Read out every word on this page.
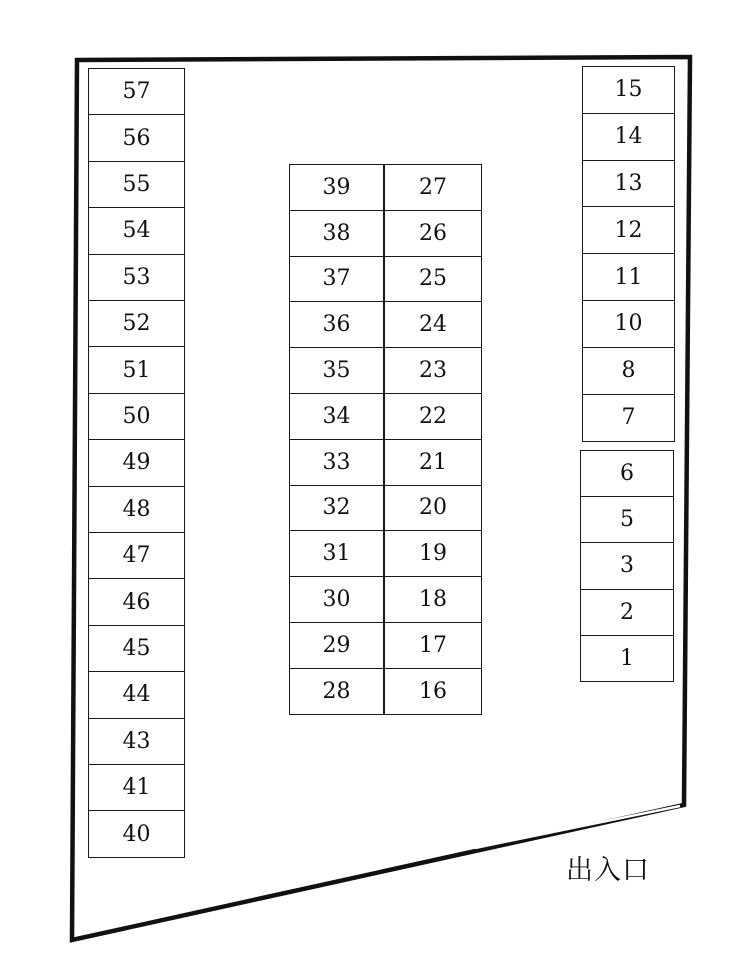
57
56
55
54
53
52
51
50
49
48
47
46
45
44
43
41
40
39
38
37
36
35
34
33
32
31
30
29
28
27
26
25
24
23
22
21
20
19
18
17
16
15
14
13
12
11
10
8
7
6
5
3
2
1
出入口
